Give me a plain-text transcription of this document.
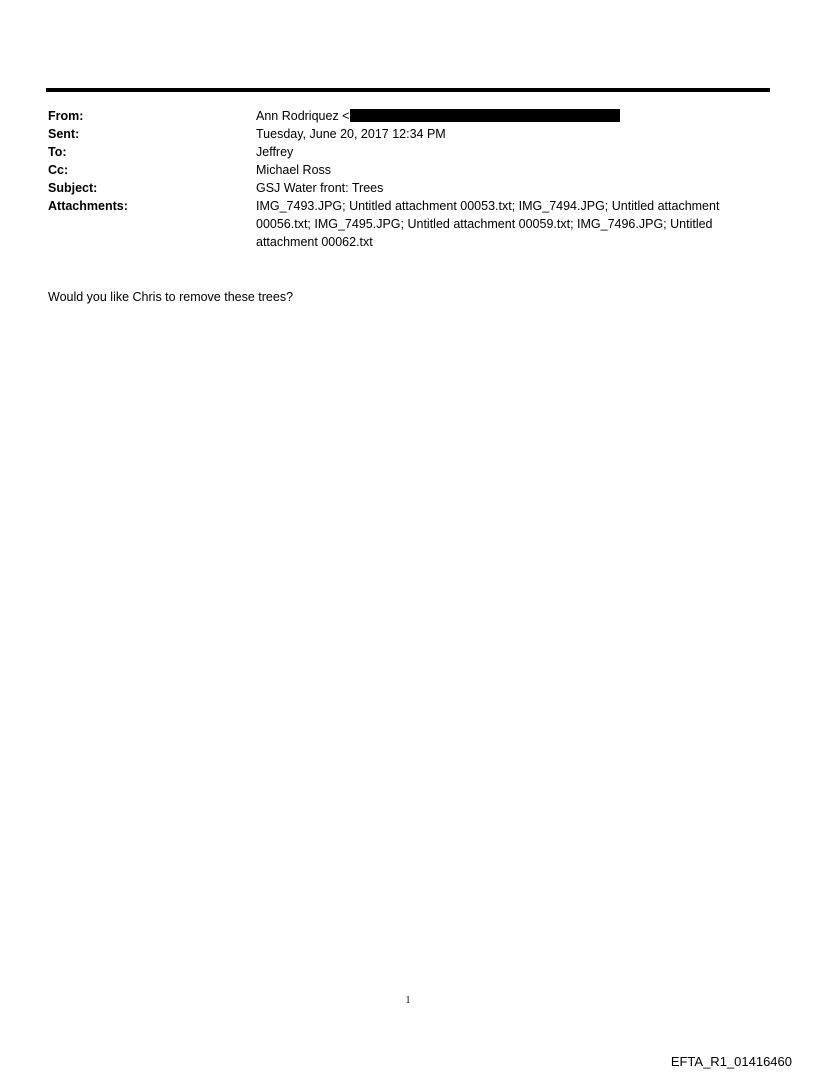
From:	Ann Rodriquez <
Sent:	Tuesday, June 20, 2017 12:34 PM
To:	Jeffrey
Cc:	Michael Ross
Subject:	GSJ Water front: Trees
Attachments:	IMG_7493.JPG; Untitled attachment 00053.txt; IMG_7494.JPG; Untitled attachment 00056.txt; IMG_7495.JPG; Untitled attachment 00059.txt; IMG_7496.JPG; Untitled attachment 00062.txt
Would you like Chris to remove these trees?
1
EFTA_R1_01416460
